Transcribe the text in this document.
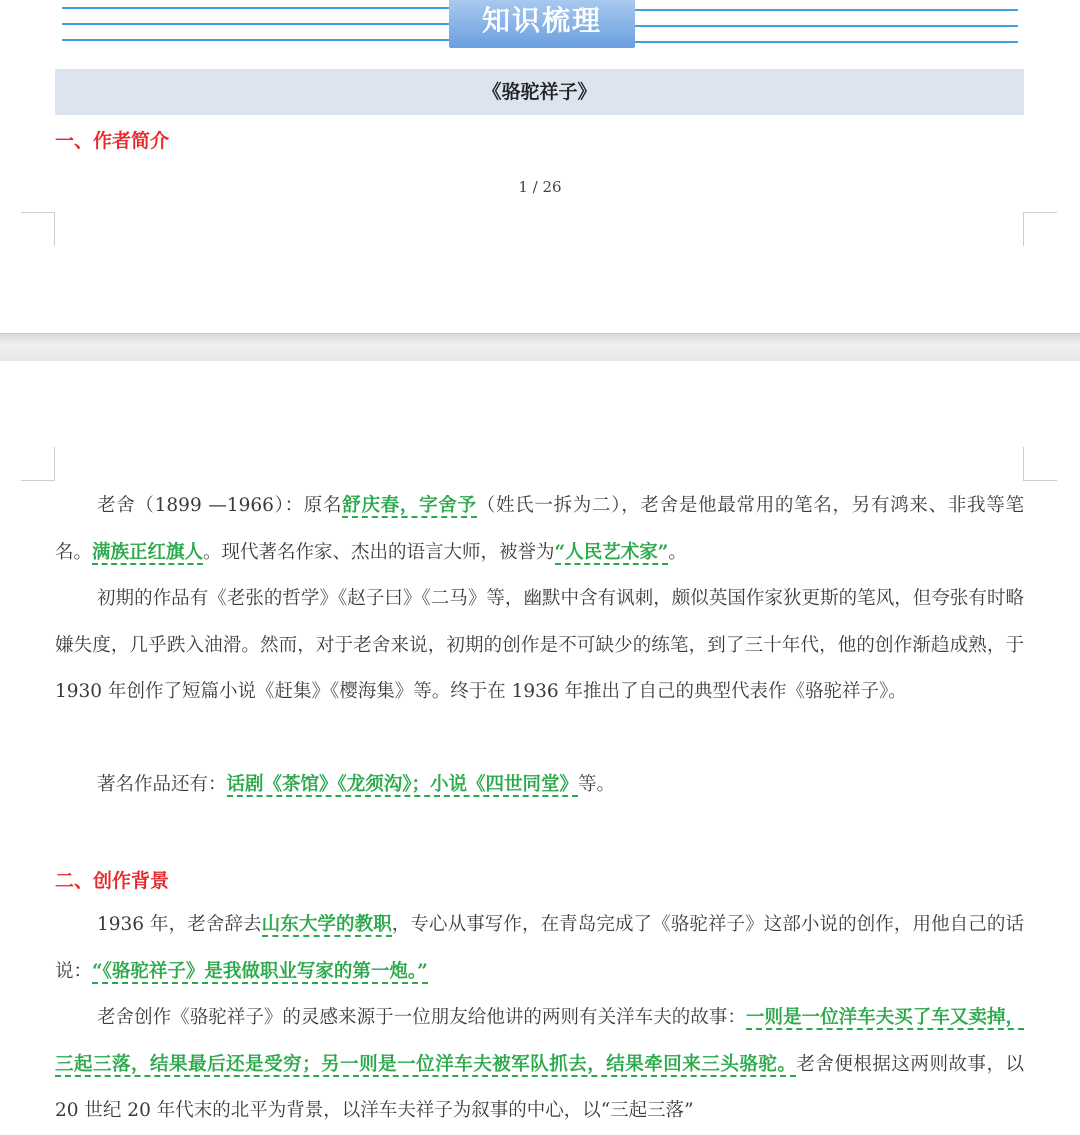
知识梳理
《骆驼祥子》
一、作者简介
1 / 26

老舍（1899 —1966）：原名舒庆春，字舍予（姓氏一拆为二），老舍是他最常用的笔名，另有鸿来、非我等笔名。满族正红旗人。现代著名作家、杰出的语言大师，被誉为“人民艺术家”。

初期的作品有《老张的哲学》《赵子曰》《二马》等，幽默中含有讽刺，颇似英国作家狄更斯的笔风，但夸张有时略嫌失度，几乎跌入油滑。然而，对于老舍来说，初期的创作是不可缺少的练笔，到了三十年代，他的创作渐趋成熟，于 1930 年创作了短篇小说《赶集》《樱海集》等。终于在 1936 年推出了自己的典型代表作《骆驼祥子》。

著名作品还有：话剧《茶馆》《龙须沟》；小说《四世同堂》等。

二、创作背景

1936 年，老舍辞去山东大学的教职，专心从事写作，在青岛完成了《骆驼祥子》这部小说的创作，用他自己的话说：“《骆驼祥子》是我做职业写家的第一炮。”

老舍创作《骆驼祥子》的灵感来源于一位朋友给他讲的两则有关洋车夫的故事：一则是一位洋车夫买了车又卖掉，三起三落，结果最后还是受穷；另一则是一位洋车夫被军队抓去，结果牵回来三头骆驼。老舍便根据这两则故事，以 20 世纪 20 年代末的北平为背景，以洋车夫祥子为叙事的中心，以“三起三落”
